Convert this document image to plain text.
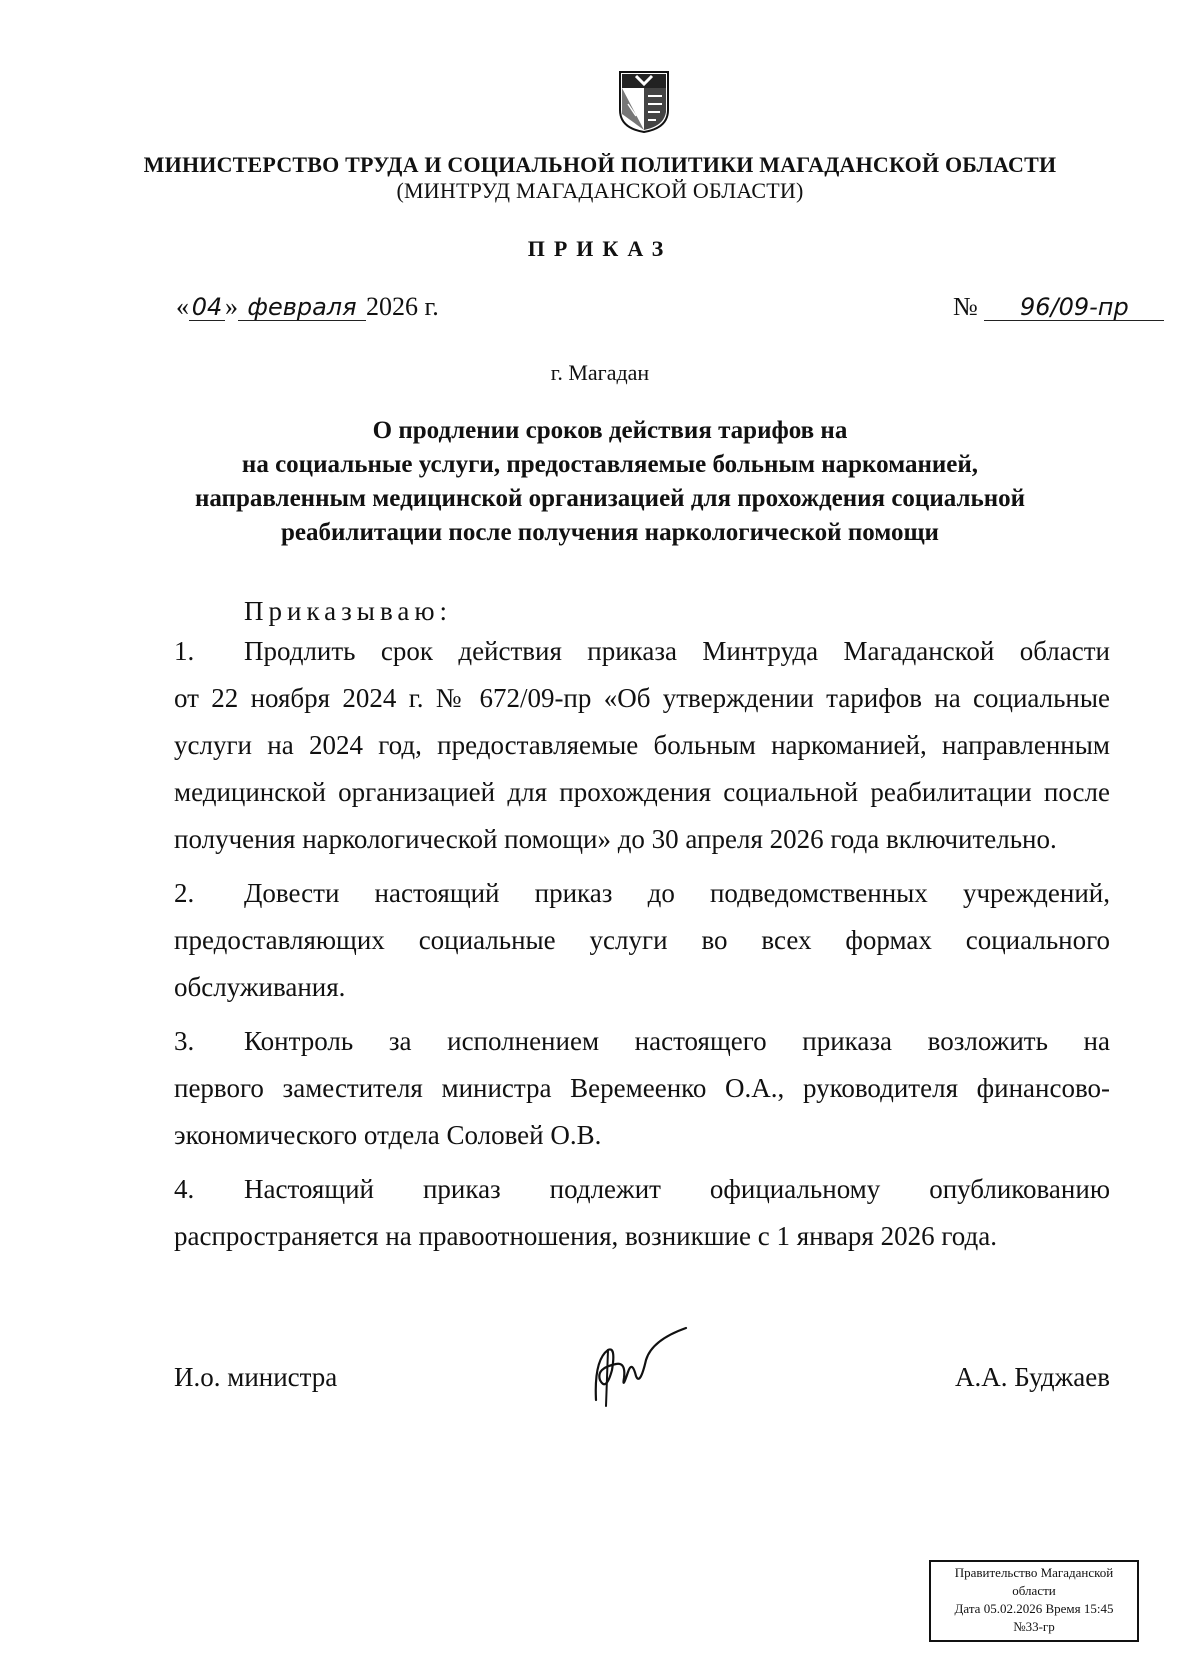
МИНИСТЕРСТВО ТРУДА И СОЦИАЛЬНОЙ ПОЛИТИКИ МАГАДАНСКОЙ ОБЛАСТИ
(МИНТРУД МАГАДАНСКОЙ ОБЛАСТИ)
ПРИКАЗ
« 04 » февраля 2026 г.	№ 96/09-пр
г. Магадан
О продлении сроков действия тарифов на
на социальные услуги, предоставляемые больным наркоманией,
направленным медицинской организацией для прохождения социальной
реабилитации после получения наркологической помощи
Приказываю:
1. Продлить срок действия приказа Минтруда Магаданской области
от 22 ноября 2024 г. № 672/09-пр «Об утверждении тарифов на социальные
услуги на 2024 год, предоставляемые больным наркоманией, направленным
медицинской организацией для прохождения социальной реабилитации после
получения наркологической помощи» до 30 апреля 2026 года включительно.
2. Довести настоящий приказ до подведомственных учреждений,
предоставляющих социальные услуги во всех формах социального
обслуживания.
3. Контроль за исполнением настоящего приказа возложить на
первого заместителя министра Веремеенко О.А., руководителя финансово-
экономического отдела Соловей О.В.
4. Настоящий приказ подлежит официальному опубликованию
распространяется на правоотношения, возникшие с 1 января 2026 года.
И.о. министра	А.А. Буджаев
Правительство Магаданской
области
Дата 05.02.2026 Время 15:45
№33-гр
